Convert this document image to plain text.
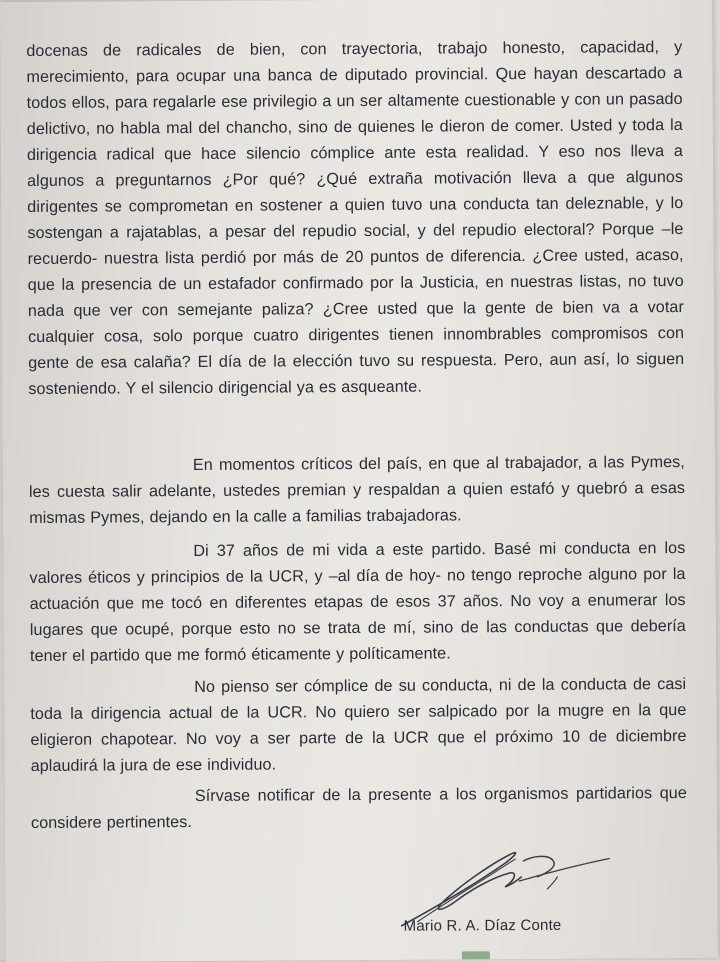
docenas de radicales de bien, con trayectoria, trabajo honesto, capacidad, y merecimiento, para ocupar una banca de diputado provincial. Que hayan descartado a todos ellos, para regalarle ese privilegio a un ser altamente cuestionable y con un pasado delictivo, no habla mal del chancho, sino de quienes le dieron de comer. Usted y toda la dirigencia radical que hace silencio cómplice ante esta realidad. Y eso nos lleva a algunos a preguntarnos ¿Por qué? ¿Qué extraña motivación lleva a que algunos dirigentes se comprometan en sostener a quien tuvo una conducta tan deleznable, y lo sostengan a rajatablas, a pesar del repudio social, y del repudio electoral? Porque –le recuerdo- nuestra lista perdió por más de 20 puntos de diferencia. ¿Cree usted, acaso, que la presencia de un estafador confirmado por la Justicia, en nuestras listas, no tuvo nada que ver con semejante paliza? ¿Cree usted que la gente de bien va a votar cualquier cosa, solo porque cuatro dirigentes tienen innombrables compromisos con gente de esa calaña? El día de la elección tuvo su respuesta. Pero, aun así, lo siguen sosteniendo. Y el silencio dirigencial ya es asqueante.

En momentos críticos del país, en que al trabajador, a las Pymes, les cuesta salir adelante, ustedes premian y respaldan a quien estafó y quebró a esas mismas Pymes, dejando en la calle a familias trabajadoras.

Di 37 años de mi vida a este partido. Basé mi conducta en los valores éticos y principios de la UCR, y –al día de hoy- no tengo reproche alguno por la actuación que me tocó en diferentes etapas de esos 37 años. No voy a enumerar los lugares que ocupé, porque esto no se trata de mí, sino de las conductas que debería tener el partido que me formó éticamente y políticamente.

No pienso ser cómplice de su conducta, ni de la conducta de casi toda la dirigencia actual de la UCR. No quiero ser salpicado por la mugre en la que eligieron chapotear. No voy a ser parte de la UCR que el próximo 10 de diciembre aplaudirá la jura de ese individuo.

Sírvase notificar de la presente a los organismos partidarios que considere pertinentes.

Mario R. A. Díaz Conte
